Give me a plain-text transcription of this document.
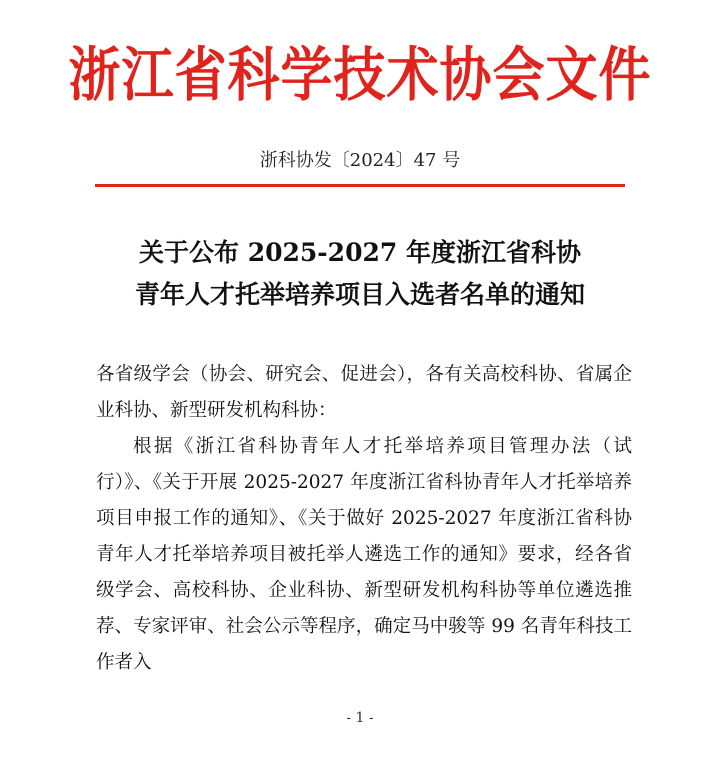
浙江省科学技术协会文件
浙科协发〔2024〕47 号
关于公布 2025-2027 年度浙江省科协
青年人才托举培养项目入选者名单的通知

各省级学会（协会、研究会、促进会），各有关高校科协、省属企业科协、新型研发机构科协：

根据《浙江省科协青年人才托举培养项目管理办法（试行）》、《关于开展 2025-2027 年度浙江省科协青年人才托举培养项目申报工作的通知》、《关于做好 2025-2027 年度浙江省科协青年人才托举培养项目被托举人遴选工作的通知》要求，经各省级学会、高校科协、企业科协、新型研发机构科协等单位遴选推荐、专家评审、社会公示等程序，确定马中骏等 99 名青年科技工作者入

- 1 -
